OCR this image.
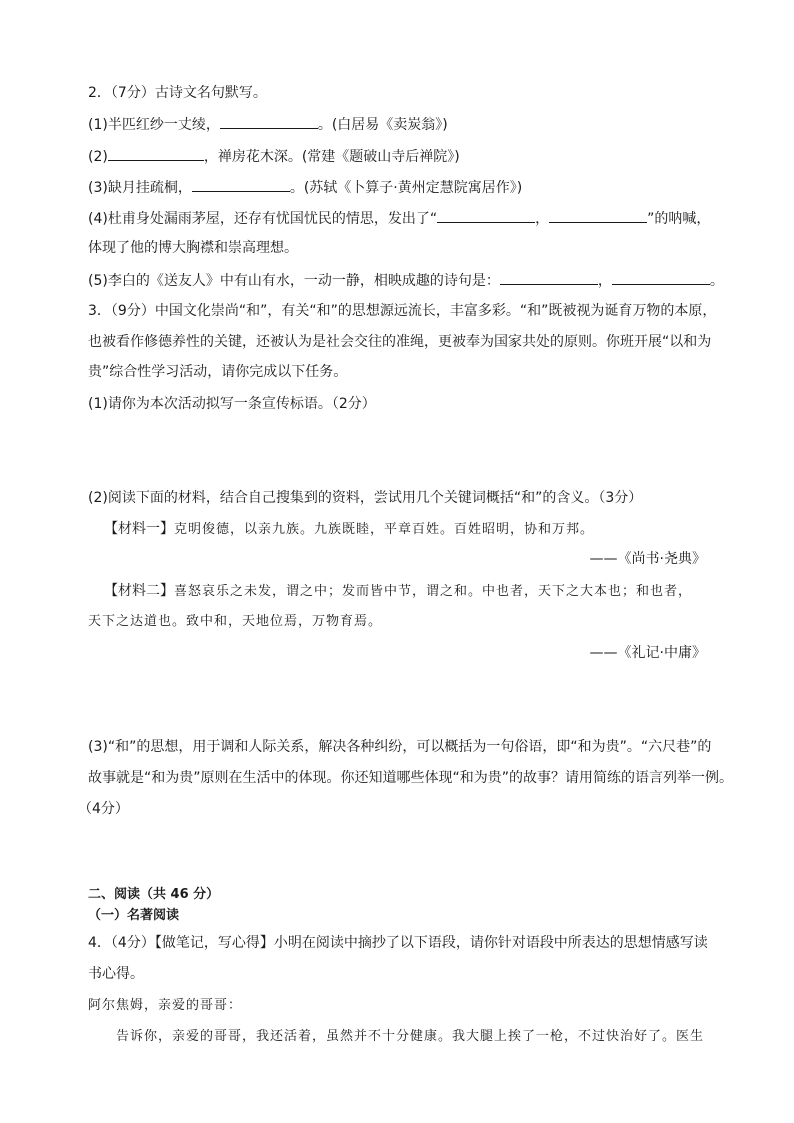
2．（7分）古诗文名句默写。
(1)半匹红纱一丈绫，	。(白居易《卖炭翁》)
(2)	，禅房花木深。(常建《题破山寺后禅院》)
(3)缺月挂疏桐，	。(苏轼《卜算子·黄州定慧院寓居作》)
(4)杜甫身处漏雨茅屋，还存有忧国忧民的情思，发出了“	，	”的呐喊，
体现了他的博大胸襟和崇高理想。
(5)李白的《送友人》中有山有水，一动一静，相映成趣的诗句是：	，	。
3．（9分）中国文化崇尚“和”，有关“和”的思想源远流长，丰富多彩。“和”既被视为诞育万物的本原，
也被看作修德养性的关键，还被认为是社会交往的准绳，更被奉为国家共处的原则。你班开展“以和为
贵”综合性学习活动，请你完成以下任务。
(1)请你为本次活动拟写一条宣传标语。（2分）
(2)阅读下面的材料，结合自己搜集到的资料，尝试用几个关键词概括“和”的含义。（3分）
【材料一】克明俊德，以亲九族。九族既睦，平章百姓。百姓昭明，协和万邦。
——《尚书·尧典》
【材料二】喜怒哀乐之未发，谓之中；发而皆中节，谓之和。中也者，天下之大本也；和也者，
天下之达道也。致中和，天地位焉，万物育焉。
——《礼记·中庸》
(3)“和”的思想，用于调和人际关系，解决各种纠纷，可以概括为一句俗语，即“和为贵”。“六尺巷”的
故事就是“和为贵”原则在生活中的体现。你还知道哪些体现“和为贵”的故事？请用简练的语言列举一例。
（4分）
二、阅读（共 46 分）
（一）名著阅读
4．（4分）【做笔记，写心得】小明在阅读中摘抄了以下语段，请你针对语段中所表达的思想情感写读
书心得。
阿尔焦姆，亲爱的哥哥：
告诉你，亲爱的哥哥，我还活着，虽然并不十分健康。我大腿上挨了一枪，不过快治好了。医生
